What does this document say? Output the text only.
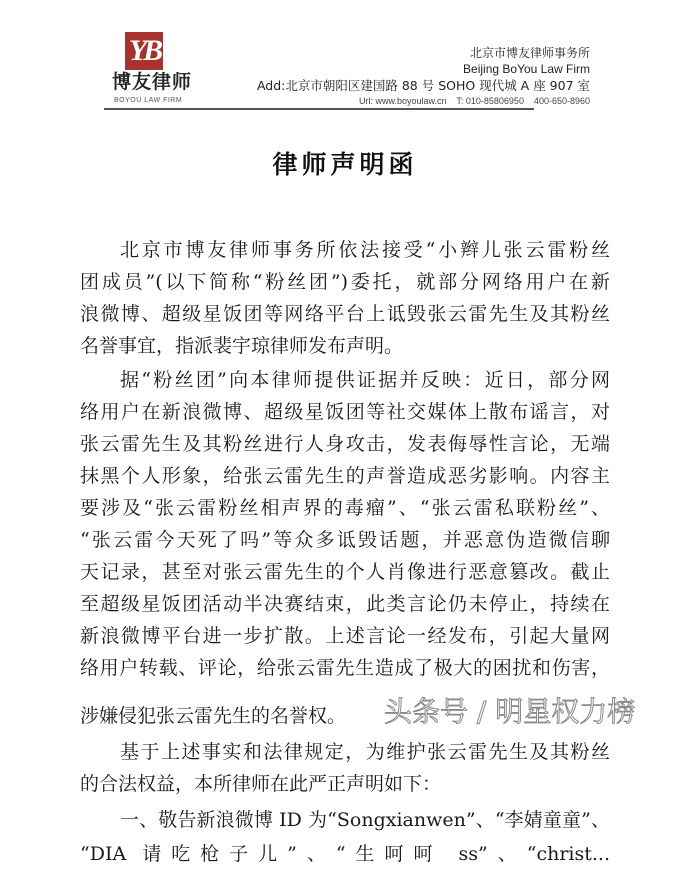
YB
博友律师
BOYOU LAW FIRM
北京市博友律师事务所
Beijing BoYou Law Firm
Add:北京市朝阳区建国路 88 号 SOHO 现代城 A 座 907 室
Url: www.boyoulaw.cn    T: 010-85806950    400-650-8960
律师声明函
北京市博友律师事务所依法接受“小辫儿张云雷粉丝
团成员”(以下简称“粉丝团”)委托，就部分网络用户在新
浪微博、超级星饭团等网络平台上诋毁张云雷先生及其粉丝
名誉事宜，指派裴宇琼律师发布声明。
据“粉丝团”向本律师提供证据并反映：近日，部分网
络用户在新浪微博、超级星饭团等社交媒体上散布谣言，对
张云雷先生及其粉丝进行人身攻击，发表侮辱性言论，无端
抹黑个人形象，给张云雷先生的声誉造成恶劣影响。内容主
要涉及“张云雷粉丝相声界的毒瘤”、“张云雷私联粉丝”、
“张云雷今天死了吗”等众多诋毁话题，并恶意伪造微信聊
天记录，甚至对张云雷先生的个人肖像进行恶意篡改。截止
至超级星饭团活动半决赛结束，此类言论仍未停止，持续在
新浪微博平台进一步扩散。上述言论一经发布，引起大量网
络用户转载、评论，给张云雷先生造成了极大的困扰和伤害，
涉嫌侵犯张云雷先生的名誉权。
基于上述事实和法律规定，为维护张云雷先生及其粉丝
的合法权益，本所律师在此严正声明如下：
一、敬告新浪微博 ID 为“Songxianwen”、“李婧童童”、
“DIA 请吃枪子儿”、“生呵呵 ss”、“christ...
头条号 / 明星权力榜
